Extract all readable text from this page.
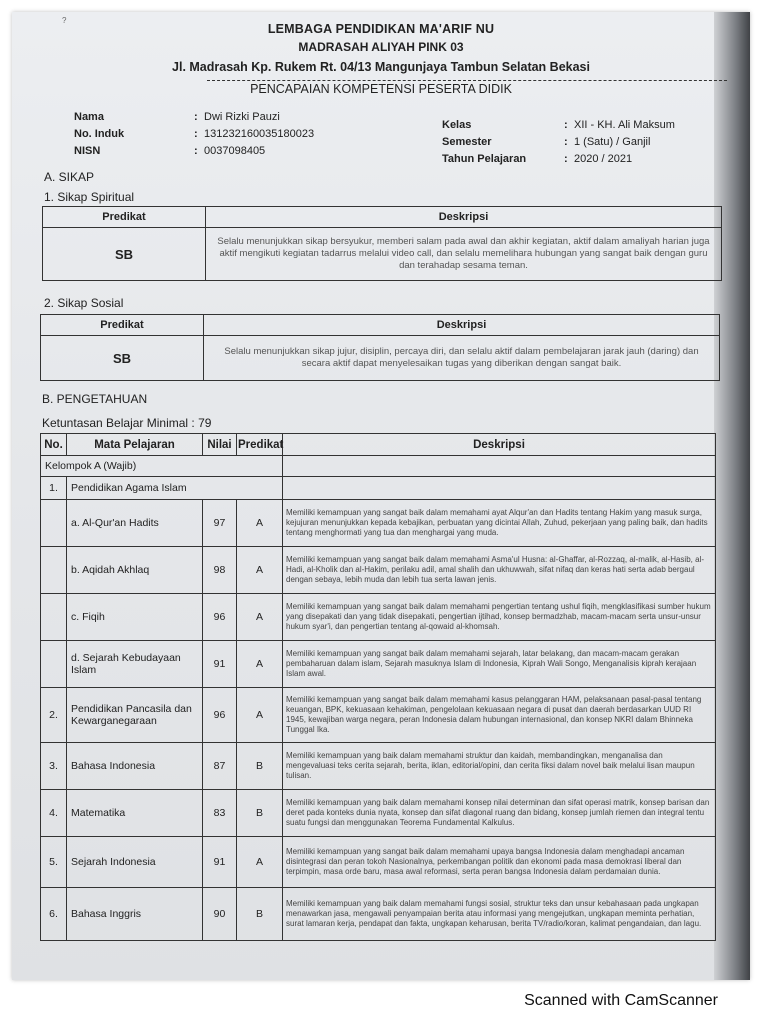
?
LEMBAGA PENDIDIKAN MA'ARIF NU
MADRASAH ALIYAH PINK 03
Jl. Madrasah Kp. Rukem Rt. 04/13 Mangunjaya Tambun Selatan Bekasi
PENCAPAIAN KOMPETENSI PESERTA DIDIK
Nama	: Dwi Rizki Pauzi
No. Induk	: 131232160035180023
NISN	: 0037098405
Kelas	: XII - KH. Ali Maksum
Semester	: 1 (Satu) / Ganjil
Tahun Pelajaran	: 2020 / 2021
A. SIKAP
1. Sikap Spiritual
Predikat	Deskripsi
SB	Selalu menunjukkan sikap bersyukur, memberi salam pada awal dan akhir kegiatan, aktif dalam amaliyah harian juga aktif mengikuti kegiatan tadarrus melalui video call, dan selalu memelihara hubungan yang sangat baik dengan guru dan terahadap sesama teman.
2. Sikap Sosial
Predikat	Deskripsi
SB	Selalu menunjukkan sikap jujur, disiplin, percaya diri, dan selalu aktif dalam pembelajaran jarak jauh (daring) dan secara aktif dapat menyelesaikan tugas yang diberikan dengan sangat baik.
B. PENGETAHUAN
Ketuntasan Belajar Minimal : 79
No.	Mata Pelajaran	Nilai	Predikat	Deskripsi
Kelompok A (Wajib)				
1.	Pendidikan Agama Islam			
	a. Al-Qur'an Hadits	97	A	Memiliki kemampuan yang sangat baik dalam memahami ayat Alqur'an dan Hadits tentang Hakim yang masuk surga, kejujuran menunjukkan kepada kebajikan, perbuatan yang dicintai Allah, Zuhud, pekerjaan yang paling baik, dan hadits tentang menghormati yang tua dan menghargai yang muda.
	b. Aqidah Akhlaq	98	A	Memiliki kemampuan yang sangat baik dalam memahami Asma'ul Husna: al-Ghaffar, al-Rozzaq, al-malik, al-Hasib, al-Hadi, al-Kholik dan al-Hakim, perilaku adil, amal shalih dan ukhuwwah, sifat nifaq dan keras hati serta adab bergaul dengan sebaya, lebih muda dan lebih tua serta lawan jenis.
	c. Fiqih	96	A	Memiliki kemampuan yang sangat baik dalam memahami pengertian tentang ushul fiqih, mengklasifikasi sumber hukum yang disepakati dan yang tidak disepakati, pengertian ijtihad, konsep bermadzhab, macam-macam serta unsur-unsur hukum syar'i, dan pengertian tentang al-qowaid al-khomsah.
	d. Sejarah Kebudayaan Islam	91	A	Memiliki kemampuan yang sangat baik dalam memahami sejarah, latar belakang, dan macam-macam gerakan pembaharuan dalam islam, Sejarah masuknya Islam di Indonesia, Kiprah Wali Songo, Menganalisis kiprah kerajaan Islam awal.
2.	Pendidikan Pancasila dan Kewarganegaraan	96	A	Memiliki kemampuan yang sangat baik dalam memahami kasus pelanggaran HAM, pelaksanaan pasal-pasal tentang keuangan, BPK, kekuasaan kehakiman, pengelolaan kekuasaan negara di pusat dan daerah berdasarkan UUD RI 1945, kewajiban warga negara, peran Indonesia dalam hubungan internasional, dan konsep NKRI dalam Bhinneka Tunggal Ika.
3.	Bahasa Indonesia	87	B	Memiliki kemampuan yang baik dalam memahami struktur dan kaidah, membandingkan, menganalisa dan mengevaluasi teks cerita sejarah, berita, iklan, editorial/opini, dan cerita fiksi dalam novel baik melalui lisan maupun tulisan.
4.	Matematika	83	B	Memiliki kemampuan yang baik dalam memahami konsep nilai determinan dan sifat operasi matrik, konsep barisan dan deret pada konteks dunia nyata, konsep dan sifat diagonal ruang dan bidang, konsep jumlah riemen dan integral tentu suatu fungsi dan menggunakan Teorema Fundamental Kalkulus.
5.	Sejarah Indonesia	91	A	Memiliki kemampuan yang sangat baik dalam memahami upaya bangsa Indonesia dalam menghadapi ancaman disintegrasi dan peran tokoh Nasionalnya, perkembangan politik dan ekonomi pada masa demokrasi liberal dan terpimpin, masa orde baru, masa awal reformasi, serta peran bangsa Indonesia dalam perdamaian dunia.
6.	Bahasa Inggris	90	B	Memiliki kemampuan yang baik dalam memahami fungsi sosial, struktur teks dan unsur kebahasaan pada ungkapan menawarkan jasa, mengawali penyampaian berita atau informasi yang mengejutkan, ungkapan meminta perhatian, surat lamaran kerja, pendapat dan fakta, ungkapan keharusan, berita TV/radio/koran, kalimat pengandaian, dan lagu.
Scanned with CamScanner
